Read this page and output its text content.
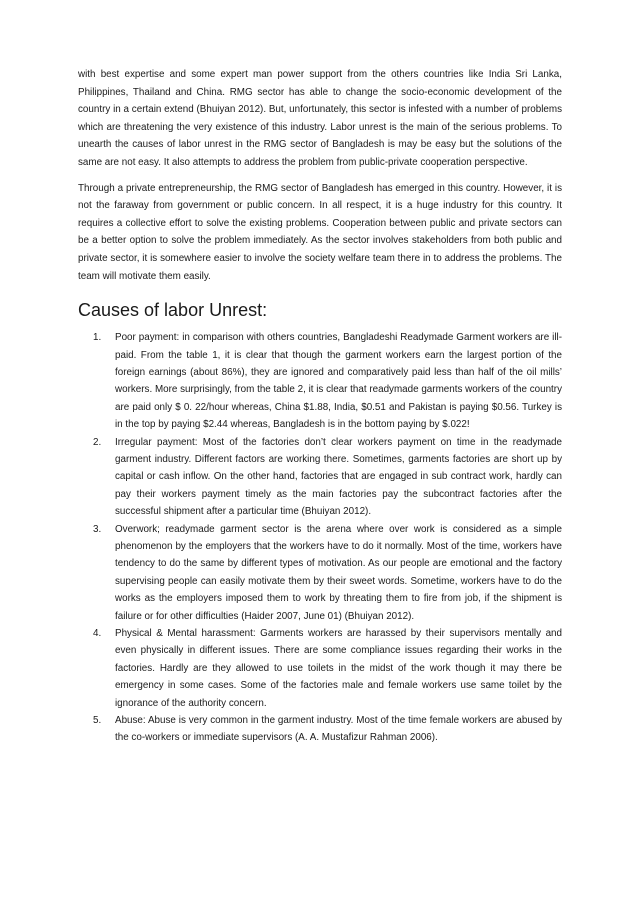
with best expertise and some expert man power support from the others countries like India Sri Lanka, Philippines, Thailand and China. RMG sector has able to change the socio-economic development of the country in a certain extend (Bhuiyan 2012). But, unfortunately, this sector is infested with a number of problems which are threatening the very existence of this industry. Labor unrest is the main of the serious problems. To unearth the causes of labor unrest in the RMG sector of Bangladesh is may be easy but the solutions of the same are not easy. It also attempts to address the problem from public-private cooperation perspective.

Through a private entrepreneurship, the RMG sector of Bangladesh has emerged in this country. However, it is not the faraway from government or public concern. In all respect, it is a huge industry for this country. It requires a collective effort to solve the existing problems. Cooperation between public and private sectors can be a better option to solve the problem immediately. As the sector involves stakeholders from both public and private sector, it is somewhere easier to involve the society welfare team there in to address the problems. The team will motivate them easily.

Causes of labor Unrest:
1. Poor payment: in comparison with others countries, Bangladeshi Readymade Garment workers are ill-paid. From the table 1, it is clear that though the garment workers earn the largest portion of the foreign earnings (about 86%), they are ignored and comparatively paid less than half of the oil mills’ workers. More surprisingly, from the table 2, it is clear that readymade garments workers of the country are paid only $ 0. 22/hour whereas, China $1.88, India, $0.51 and Pakistan is paying $0.56. Turkey is in the top by paying $2.44 whereas, Bangladesh is in the bottom paying by $.022!
2. Irregular payment: Most of the factories don’t clear workers payment on time in the readymade garment industry. Different factors are working there. Sometimes, garments factories are short up by capital or cash inflow. On the other hand, factories that are engaged in sub contract work, hardly can pay their workers payment timely as the main factories pay the subcontract factories after the successful shipment after a particular time (Bhuiyan 2012).
3. Overwork; readymade garment sector is the arena where over work is considered as a simple phenomenon by the employers that the workers have to do it normally. Most of the time, workers have tendency to do the same by different types of motivation. As our people are emotional and the factory supervising people can easily motivate them by their sweet words. Sometime, workers have to do the works as the employers imposed them to work by threating them to fire from job, if the shipment is failure or for other difficulties (Haider 2007, June 01) (Bhuiyan 2012).
4. Physical & Mental harassment: Garments workers are harassed by their supervisors mentally and even physically in different issues. There are some compliance issues regarding their works in the factories. Hardly are they allowed to use toilets in the midst of the work though it may there be emergency in some cases. Some of the factories male and female workers use same toilet by the ignorance of the authority concern.
5. Abuse: Abuse is very common in the garment industry. Most of the time female workers are abused by the co-workers or immediate supervisors (A. A. Mustafizur Rahman 2006).
